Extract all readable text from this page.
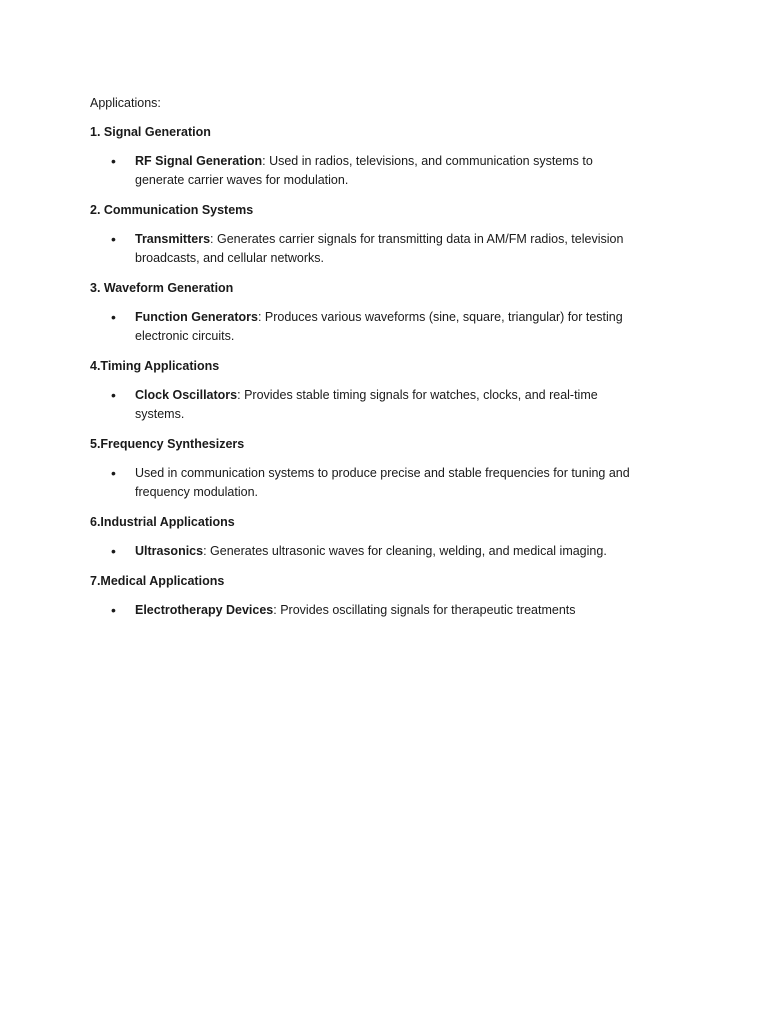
Applications:

1. Signal Generation

• RF Signal Generation: Used in radios, televisions, and communication systems to generate carrier waves for modulation.

2. Communication Systems

• Transmitters: Generates carrier signals for transmitting data in AM/FM radios, television broadcasts, and cellular networks.

3. Waveform Generation

• Function Generators: Produces various waveforms (sine, square, triangular) for testing electronic circuits.

4.Timing Applications

• Clock Oscillators: Provides stable timing signals for watches, clocks, and real-time systems.

5.Frequency Synthesizers

• Used in communication systems to produce precise and stable frequencies for tuning and frequency modulation.

6.Industrial Applications

• Ultrasonics: Generates ultrasonic waves for cleaning, welding, and medical imaging.

7.Medical Applications

• Electrotherapy Devices: Provides oscillating signals for therapeutic treatments
